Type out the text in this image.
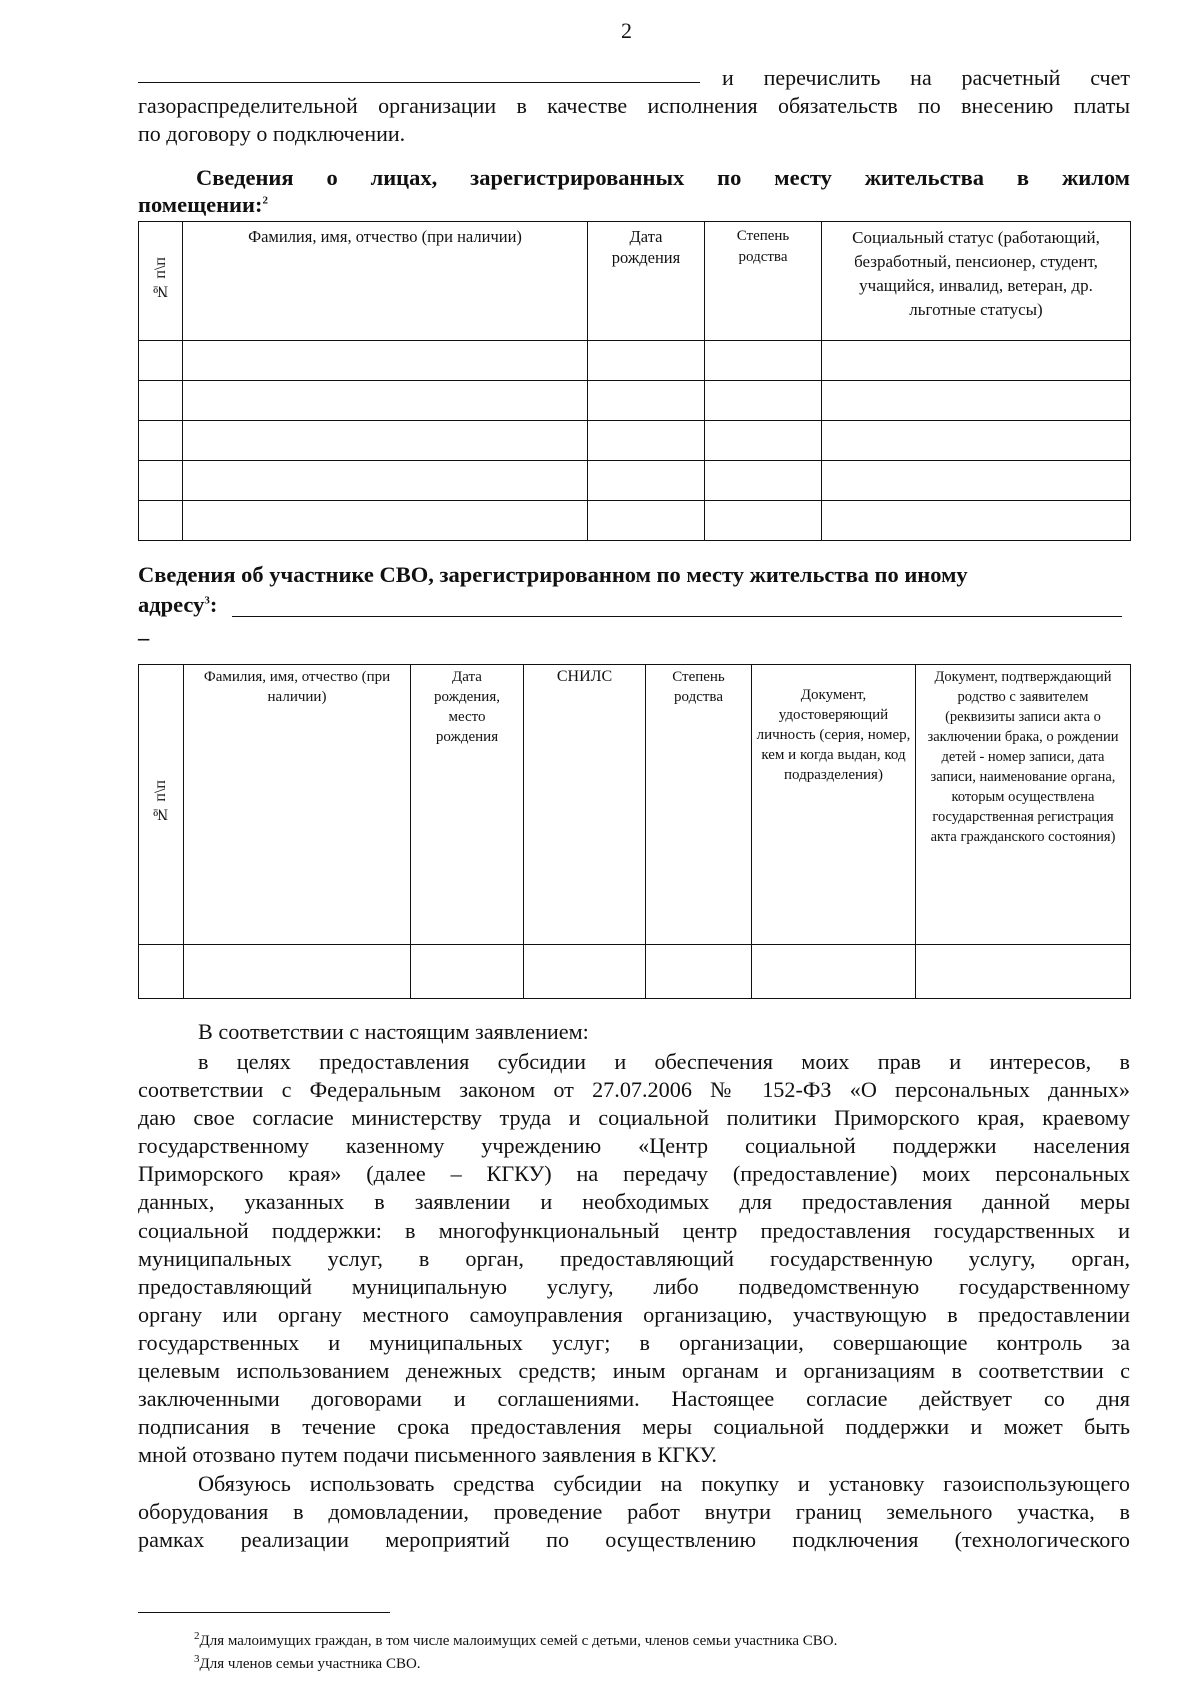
2
и перечислить на расчетный счет
газораспределительной организации в качестве исполнения обязательств по внесению платы
по договору о подключении.
Сведения о лицах, зарегистрированных по месту жительства в жилом
помещении:$^2$
№ п\п	Фамилия, имя, отчество (при наличии)	Дата рождения	Степень родства	Социальный статус (работающий, безработный, пенсионер, студент, учащийся, инвалид, ветеран, др. льготные статусы)

Сведения об участнике СВО, зарегистрированном по месту жительства по иному
адресу$^3$:
–
№ п\п	Фамилия, имя, отчество (при наличии)	Дата рождения, место рождения	СНИЛС	Степень родства	Документ, удостоверяющий личность (серия, номер, кем и когда выдан, код подразделения)	Документ, подтверждающий родство с заявителем (реквизиты записи акта о заключении брака, о рождении детей - номер записи, дата записи, наименование органа, которым осуществлена государственная регистрация акта гражданского состояния)

В соответствии с настоящим заявлением:
в целях предоставления субсидии и обеспечения моих прав и интересов, в
соответствии с Федеральным законом от 27.07.2006 № 152-ФЗ «О персональных данных»
даю свое согласие министерству труда и социальной политики Приморского края, краевому
государственному казенному учреждению «Центр социальной поддержки населения
Приморского края» (далее – КГКУ) на передачу (предоставление) моих персональных
данных, указанных в заявлении и необходимых для предоставления данной меры
социальной поддержки: в многофункциональный центр предоставления государственных и
муниципальных услуг, в орган, предоставляющий государственную услугу, орган,
предоставляющий муниципальную услугу, либо подведомственную государственному
органу или органу местного самоуправления организацию, участвующую в предоставлении
государственных и муниципальных услуг; в организации, совершающие контроль за
целевым использованием денежных средств; иным органам и организациям в соответствии с
заключенными договорами и соглашениями. Настоящее согласие действует со дня
подписания в течение срока предоставления меры социальной поддержки и может быть
мной отозвано путем подачи письменного заявления в КГКУ.
Обязуюсь использовать средства субсидии на покупку и установку газоиспользующего
оборудования в домовладении, проведение работ внутри границ земельного участка, в
рамках реализации мероприятий по осуществлению подключения (технологического
$^2$Для малоимущих граждан, в том числе малоимущих семей с детьми, членов семьи участника СВО.
$^3$Для членов семьи участника СВО.
